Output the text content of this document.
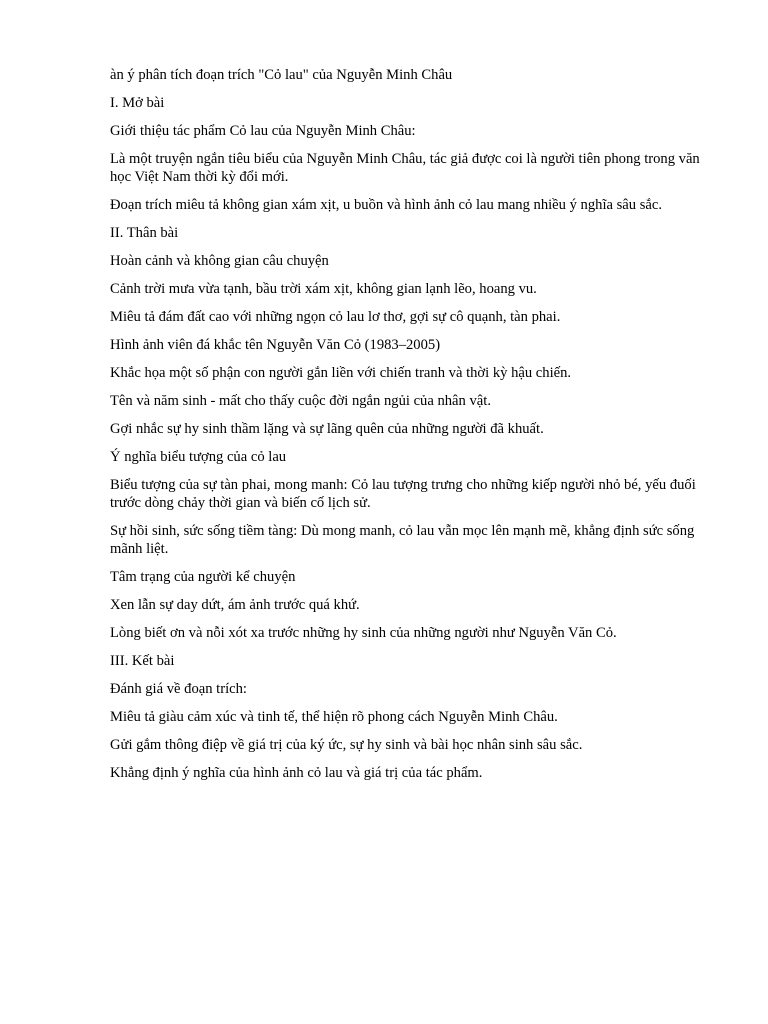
àn ý phân tích đoạn trích "Cỏ lau" của Nguyễn Minh Châu

I. Mở bài

Giới thiệu tác phẩm Cỏ lau của Nguyễn Minh Châu:

Là một truyện ngắn tiêu biểu của Nguyễn Minh Châu, tác giả được coi là người tiên phong trong văn học Việt Nam thời kỳ đổi mới.

Đoạn trích miêu tả không gian xám xịt, u buồn và hình ảnh cỏ lau mang nhiều ý nghĩa sâu sắc.

II. Thân bài

Hoàn cảnh và không gian câu chuyện

Cảnh trời mưa vừa tạnh, bầu trời xám xịt, không gian lạnh lẽo, hoang vu.

Miêu tả đám đất cao với những ngọn cỏ lau lơ thơ, gợi sự cô quạnh, tàn phai.

Hình ảnh viên đá khắc tên Nguyễn Văn Cỏ (1983–2005)

Khắc họa một số phận con người gắn liền với chiến tranh và thời kỳ hậu chiến.

Tên và năm sinh - mất cho thấy cuộc đời ngắn ngủi của nhân vật.

Gợi nhắc sự hy sinh thầm lặng và sự lãng quên của những người đã khuất.

Ý nghĩa biểu tượng của cỏ lau

Biểu tượng của sự tàn phai, mong manh: Cỏ lau tượng trưng cho những kiếp người nhỏ bé, yếu đuối trước dòng chảy thời gian và biến cố lịch sử.

Sự hồi sinh, sức sống tiềm tàng: Dù mong manh, cỏ lau vẫn mọc lên mạnh mẽ, khẳng định sức sống mãnh liệt.

Tâm trạng của người kể chuyện

Xen lẫn sự day dứt, ám ảnh trước quá khứ.

Lòng biết ơn và nỗi xót xa trước những hy sinh của những người như Nguyễn Văn Cỏ.

III. Kết bài

Đánh giá về đoạn trích:

Miêu tả giàu cảm xúc và tinh tế, thể hiện rõ phong cách Nguyễn Minh Châu.

Gửi gắm thông điệp về giá trị của ký ức, sự hy sinh và bài học nhân sinh sâu sắc.

Khẳng định ý nghĩa của hình ảnh cỏ lau và giá trị của tác phẩm.
